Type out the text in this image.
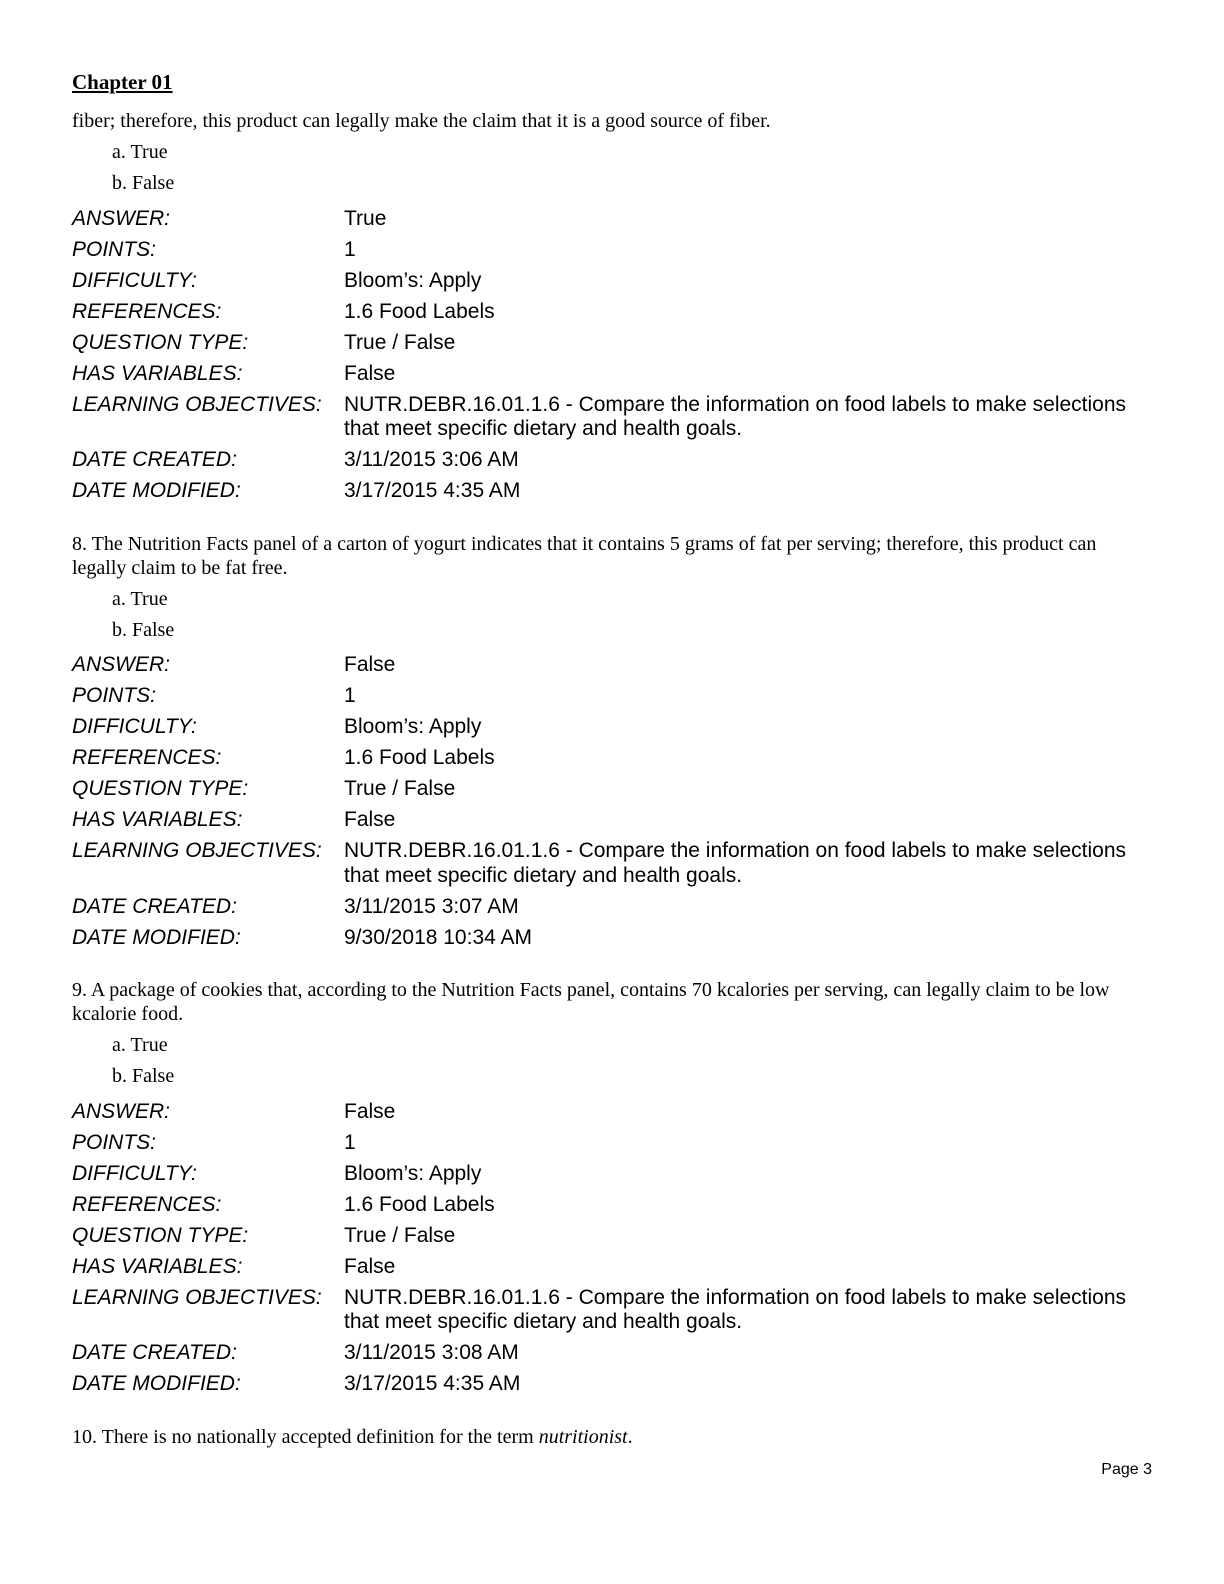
Chapter 01

fiber; therefore, this product can legally make the claim that it is a good source of fiber.

a. True
b. False
ANSWER:	True
POINTS:	1
DIFFICULTY:	Bloom’s: Apply
REFERENCES:	1.6 Food Labels
QUESTION TYPE:	True / False
HAS VARIABLES:	False
LEARNING OBJECTIVES:	NUTR.DEBR.16.01.1.6 - Compare the information on food labels to make selections that meet specific dietary and health goals.
DATE CREATED:	3/11/2015 3:06 AM
DATE MODIFIED:	3/17/2015 4:35 AM

8. The Nutrition Facts panel of a carton of yogurt indicates that it contains 5 grams of fat per serving; therefore, this product can legally claim to be fat free.

a. True
b. False
ANSWER:	False
POINTS:	1
DIFFICULTY:	Bloom’s: Apply
REFERENCES:	1.6 Food Labels
QUESTION TYPE:	True / False
HAS VARIABLES:	False
LEARNING OBJECTIVES:	NUTR.DEBR.16.01.1.6 - Compare the information on food labels to make selections that meet specific dietary and health goals.
DATE CREATED:	3/11/2015 3:07 AM
DATE MODIFIED:	9/30/2018 10:34 AM

9. A package of cookies that, according to the Nutrition Facts panel, contains 70 kcalories per serving, can legally claim to be low kcalorie food.

a. True
b. False
ANSWER:	False
POINTS:	1
DIFFICULTY:	Bloom’s: Apply
REFERENCES:	1.6 Food Labels
QUESTION TYPE:	True / False
HAS VARIABLES:	False
LEARNING OBJECTIVES:	NUTR.DEBR.16.01.1.6 - Compare the information on food labels to make selections that meet specific dietary and health goals.
DATE CREATED:	3/11/2015 3:08 AM
DATE MODIFIED:	3/17/2015 4:35 AM

10. There is no nationally accepted definition for the term nutritionist.

Page 3
